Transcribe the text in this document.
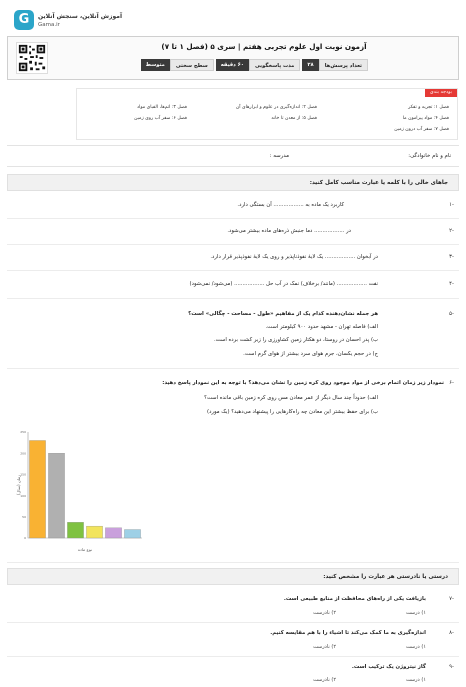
G	آموزش آنلاین، سنجش آنلاین
Gama.ir
آزمون نوبت اول علوم تجربی هفتم | سری ۵ (فصل ۱ تا ۷)
تعداد پرسش‌ها
۲۸
مدت پاسخگویی
۶۰ دقیقه
سطح سختی
متوسط
بودجه بندی
فصل ۱: تجربه و تفکر
فصل ۲: اندازه‌گیری در علوم و ابزارهای آن
فصل ۳: اتم‌ها، الفبای مواد
فصل ۴: مواد پیرامون ما
فصل ۵: از معدن تا خانه
فصل ۶: سفر آب روی زمین
فصل ۷: سفر آب درون زمین
نام و نام خانوادگی:
مدرسه :
جاهای خالی را با کلمه یا عبارت مناسب کامل کنید:
۱-
کاربرد یک ماده به .................. آن بستگی دارد.
۲-
در .................. دما جنبش ذره‌های ماده بیشتر می‌شود.
۳-
در آبخوان .................. یک لایهٔ نفوذناپذیر و روی یک لایهٔ نفوذپذیر قرار دارد.
۴-
نفت .................. (مانند/ برخلاف) نمک در آب حل .................. (می‌شود/ نمی‌شود)
۵-
هر جمله نشان‌دهنده کدام یک از مفاهیم «طول - مساحت - چگالی» است؟
الف) فاصله تهران - مشهد حدود ۹۰۰ کیلومتر است.
ب) پدر احسان در روستا، دو هکتار زمین کشاورزی را زیر کشت برده است.
ج) در حجم یکسان، جرم هوای سرد بیشتر از هوای گرم است.
۶-
نمودار زیر زمان اتمام برخی از مواد موجود روی کره زمین را نشان می‌دهد؟ با توجه به این نمودار پاسخ دهید:
الف) حدوداً چند سال دیگر از عمر معادن مس روی کره زمین باقی مانده است؟
ب) برای حفظ بیشتر این معادن چه راه‌کارهایی را پیشنهاد می‌دهید؟ (یک مورد)
زمان (سال)
نوع ماده
0
50
100
150
200
250
درستی یا نادرستی هر عبارت را مشخص کنید:
۷-
بازیافت یکی از راه‌های محافظت از منابع طبیعی است.
۱) درست
۲) نادرست
۸-
اندازه‌گیری به ما کمک می‌کند تا اشیاء را با هم مقایسه کنیم.
۱) درست
۲) نادرست
۹-
گاز نیتروژن یک ترکیب است.
۱) درست
۲) نادرست
